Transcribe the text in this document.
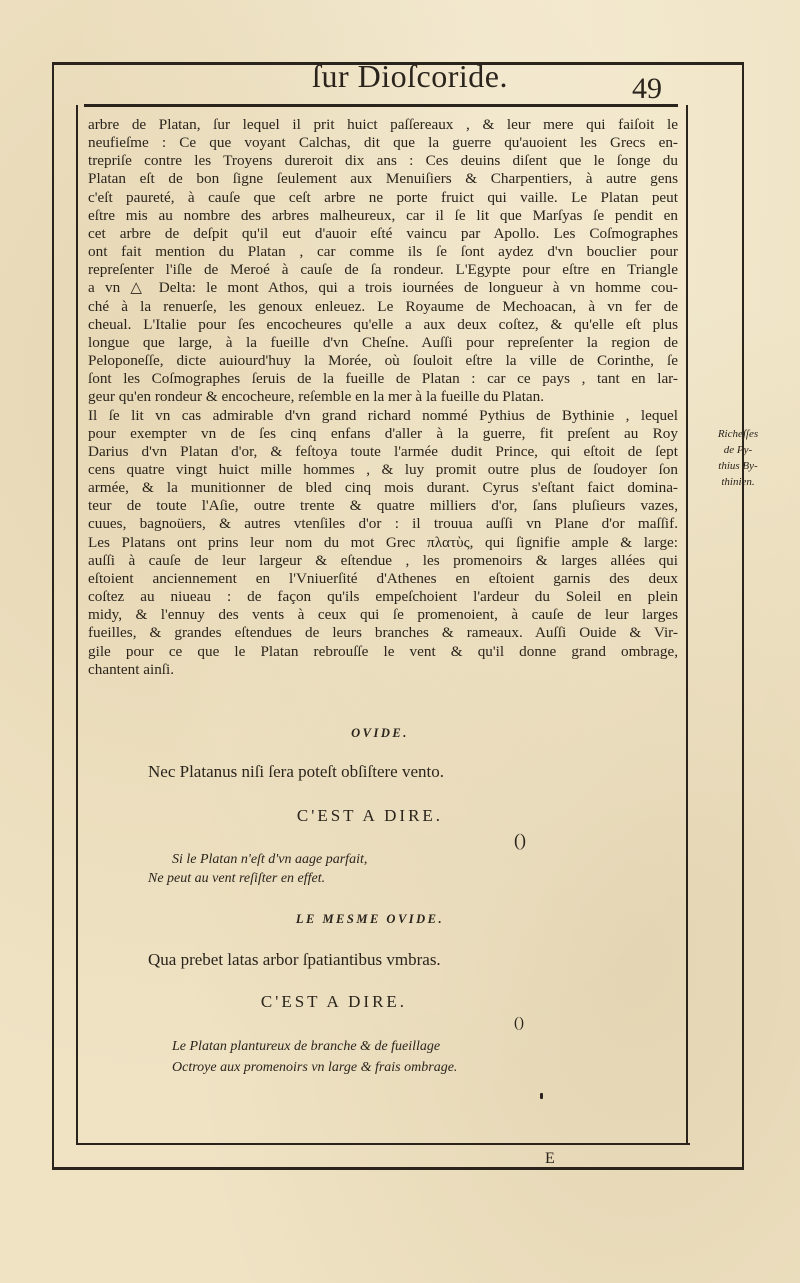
ſur Dioſcoride.	49
arbre de Platan, ſur lequel il prit huict paſſereaux , & leur mere qui faiſoit le
neufieſme : Ce que voyant Calchas, dit que la guerre qu'auoient les Grecs en-
trepriſe contre les Troyens dureroit dix ans : Ces deuins diſent que le ſonge du
Platan eſt de bon ſigne ſeulement aux Menuiſiers & Charpentiers, à autre gens
c'eſt paureté, à cauſe que ceſt arbre ne porte fruict qui vaille. Le Platan peut
eſtre mis au nombre des arbres malheureux, car il ſe lit que Marſyas ſe pendit en
cet arbre de deſpit qu'il eut d'auoir eſté vaincu par Apollo. Les Coſmographes
ont fait mention du Platan , car comme ils ſe ſont aydez d'vn bouclier pour
repreſenter l'iſle de Meroé à cauſe de ſa rondeur. L'Egypte pour eſtre en Triangle
a vn △ Delta: le mont Athos, qui a trois iournées de longueur à vn homme cou-
ché à la renuerſe, les genoux enleuez. Le Royaume de Mechoacan, à vn fer de
cheual. L'Italie pour ſes encocheures qu'elle a aux deux coſtez, & qu'elle eſt plus
longue que large, à la fueille d'vn Cheſne. Auſſi pour repreſenter la region de
Peloponeſſe, dicte auiourd'huy la Morée, où ſouloit eſtre la ville de Corinthe, ſe
ſont les Coſmographes ſeruis de la fueille de Platan : car ce pays , tant en lar-
geur qu'en rondeur & encocheure, reſemble en la mer à la fueille du Platan.
Il ſe lit vn cas admirable d'vn grand richard nommé Pythius de Bythinie , lequel
pour exempter vn de ſes cinq enfans d'aller à la guerre, fit preſent au Roy
Darius d'vn Platan d'or, & feſtoya toute l'armée dudit Prince, qui eſtoit de ſept
cens quatre vingt huict mille hommes , & luy promit outre plus de ſoudoyer ſon
armée, & la munitionner de bled cinq mois durant. Cyrus s'eſtant faict domina-
teur de toute l'Aſie, outre trente & quatre milliers d'or, ſans pluſieurs vazes,
cuues, bagnoüers, & autres vtenſiles d'or : il trouua auſſi vn Plane d'or maſſif.
Les Platans ont prins leur nom du mot Grec πλατὺς, qui ſignifie ample & large:
auſſi à cauſe de leur largeur & eſtendue , les promenoirs & larges allées qui
eſtoient anciennement en l'Vniuerſité d'Athenes en eſtoient garnis des deux
coſtez au niueau : de façon qu'ils empeſchoient l'ardeur du Soleil en plein
midy, & l'ennuy des vents à ceux qui ſe promenoient, à cauſe de leur larges
fueilles, & grandes eſtendues de leurs branches & rameaux. Auſſi Ouide & Vir-
gile pour ce que le Platan rebrouſſe le vent & qu'il donne grand ombrage,
chantent ainſi.
Richeſſes
de Py-
thius By-
thinien.
OVIDE.
Nec Platanus niſi ſera poteſt obſiſtere vento.
C'EST A DIRE.
()
Si le Platan n'eſt d'vn aage parfait,
Ne peut au vent reſiſter en effet.
LE MESME OVIDE.
Qua prebet latas arbor ſpatiantibus vmbras.
C'EST A DIRE.
()
Le Platan plantureux de branche & de fueillage
Octroye aux promenoirs vn large & frais ombrage.
E
